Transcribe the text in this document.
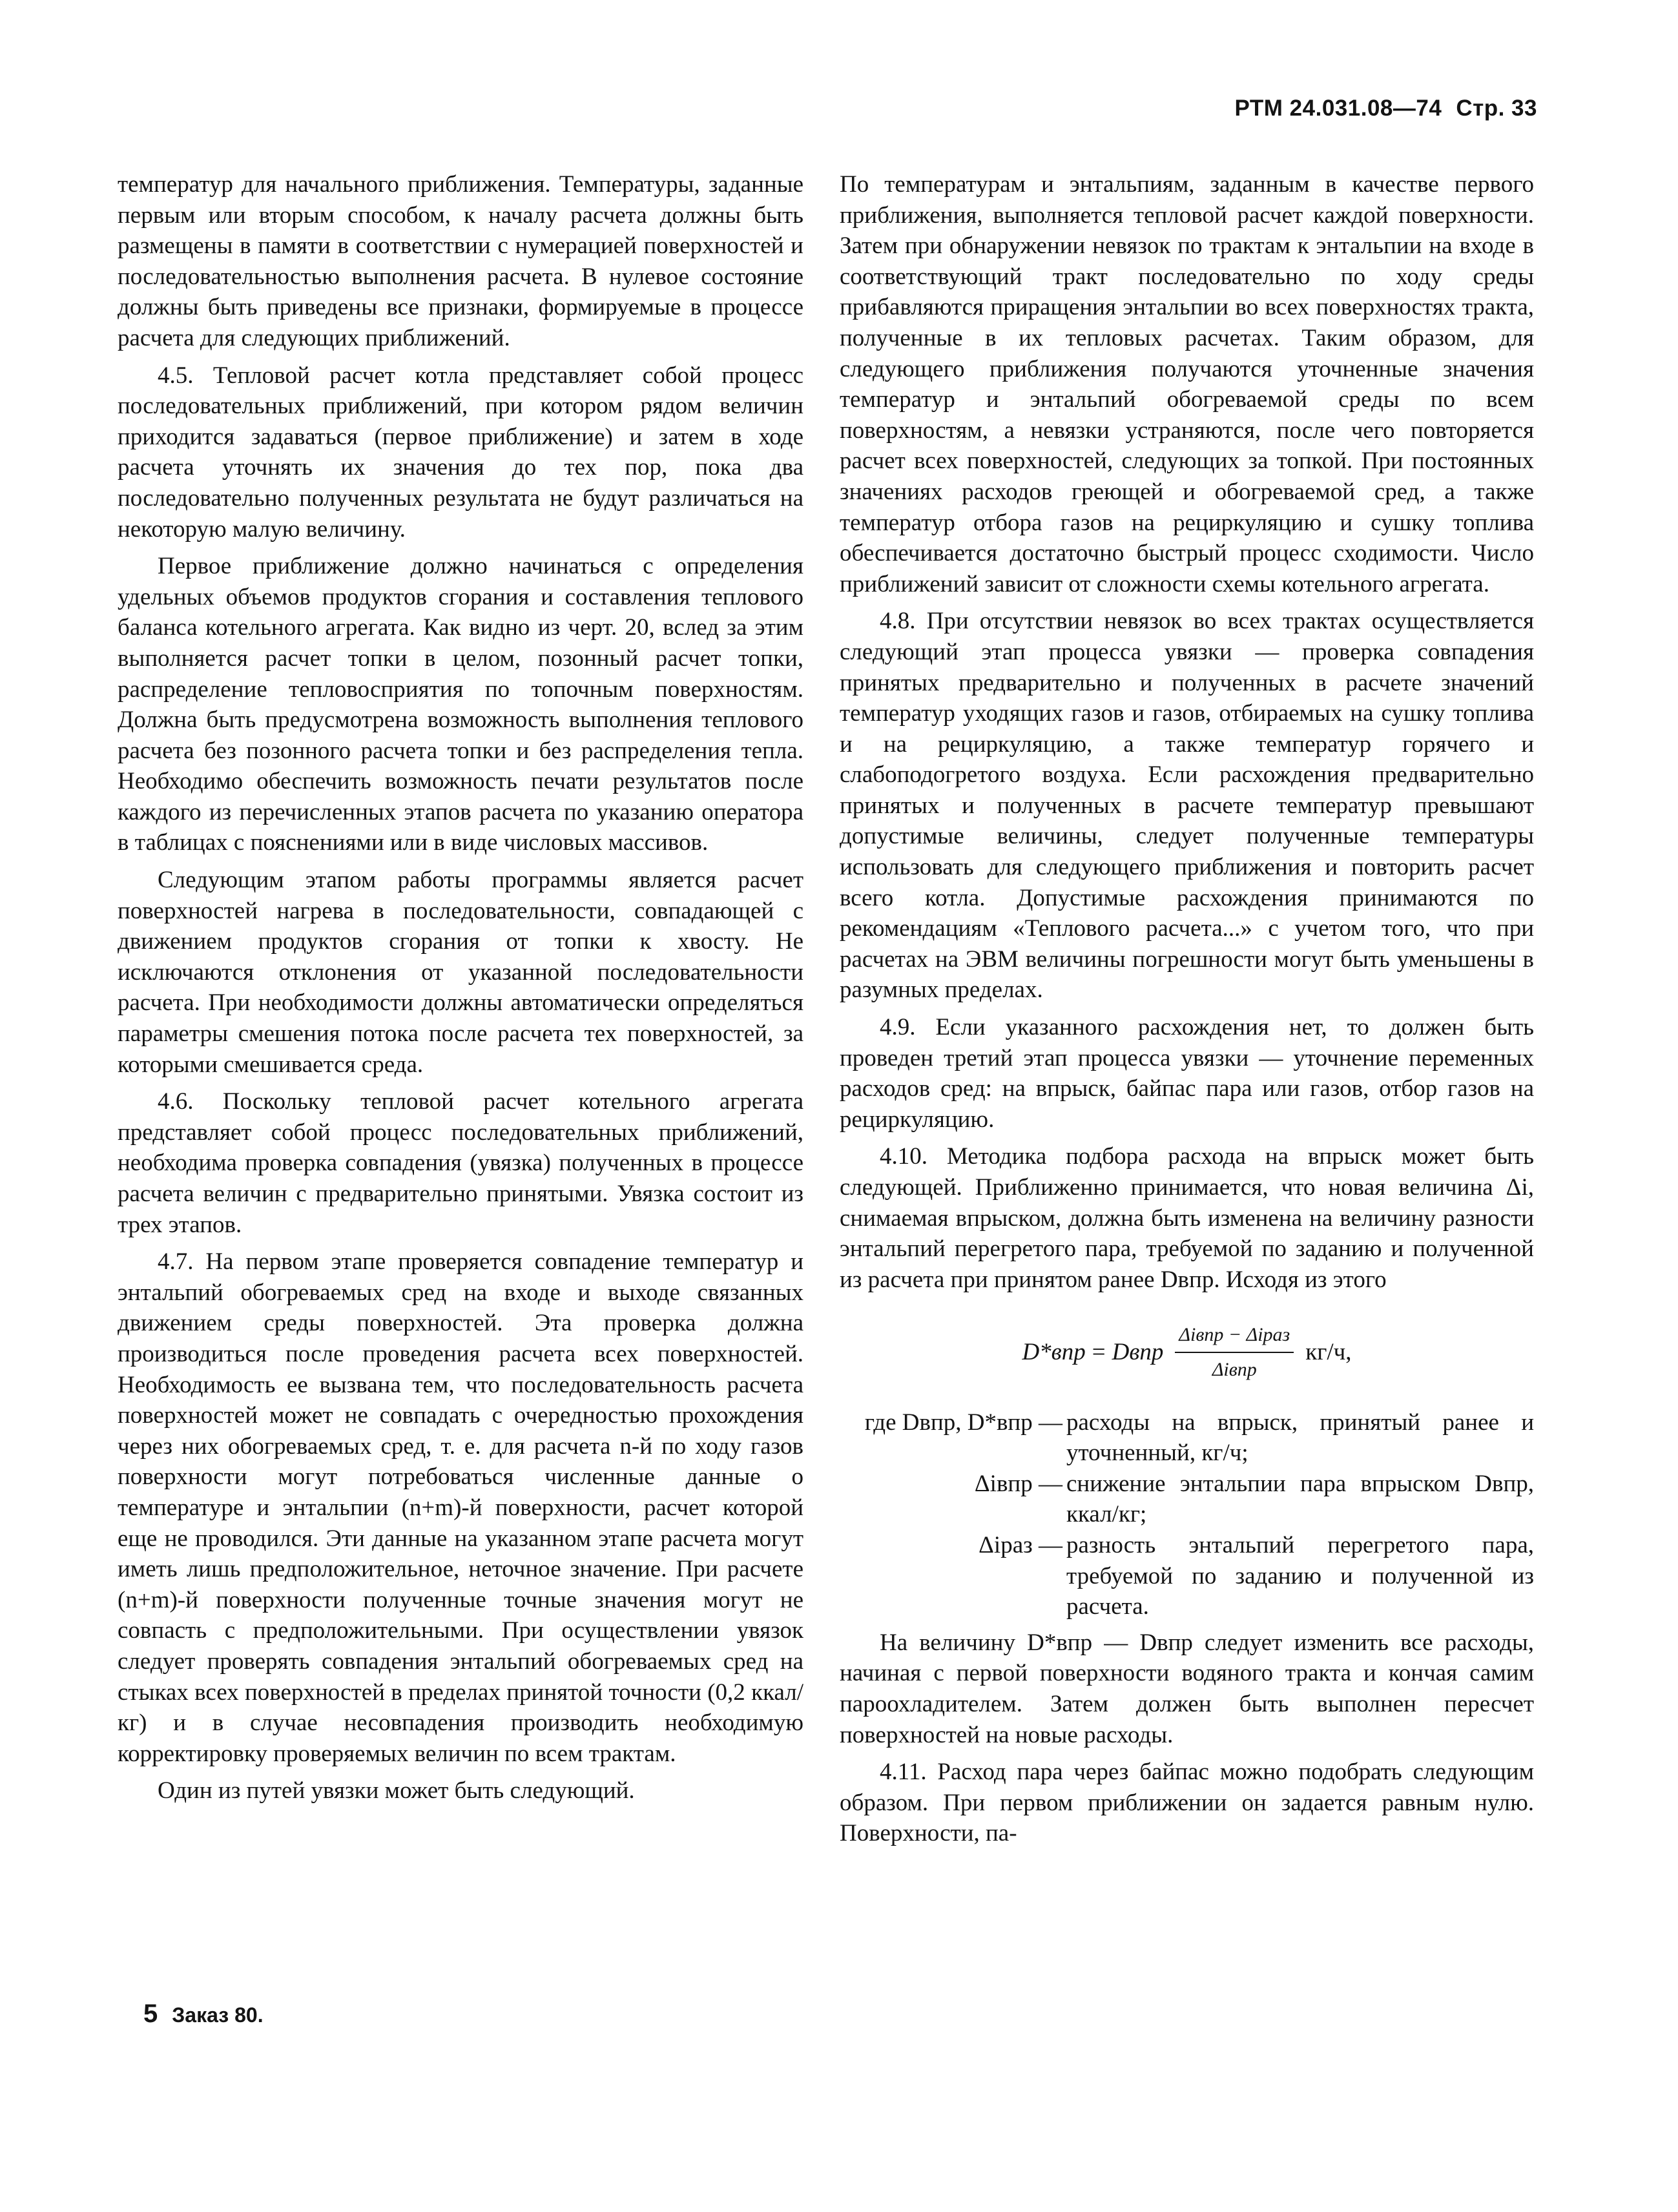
РТМ 24.031.08—74 Стр. 33

температур для начального приближения. Температуры, заданные первым или вторым способом, к началу расчета должны быть размещены в памяти в соответствии с нумерацией поверхностей и последовательностью выполнения расчета. В нулевое состояние должны быть приведены все признаки, формируемые в процессе расчета для следующих приближений.

4.5. Тепловой расчет котла представляет собой процесс последовательных приближений, при котором рядом величин приходится задаваться (первое приближение) и затем в ходе расчета уточнять их значения до тех пор, пока два последовательно полученных результата не будут различаться на некоторую малую величину.

Первое приближение должно начинаться с определения удельных объемов продуктов сгорания и составления теплового баланса котельного агрегата. Как видно из черт. 20, вслед за этим выполняется расчет топки в целом, позонный расчет топки, распределение тепловосприятия по топочным поверхностям. Должна быть предусмотрена возможность выполнения теплового расчета без позонного расчета топки и без распределения тепла. Необходимо обеспечить возможность печати результатов после каждого из перечисленных этапов расчета по указанию оператора в таблицах с пояснениями или в виде числовых массивов.

Следующим этапом работы программы является расчет поверхностей нагрева в последовательности, совпадающей с движением продуктов сгорания от топки к хвосту. Не исключаются отклонения от указанной последовательности расчета. При необходимости должны автоматически определяться параметры смешения потока после расчета тех поверхностей, за которыми смешивается среда.

4.6. Поскольку тепловой расчет котельного агрегата представляет собой процесс последовательных приближений, необходима проверка совпадения (увязка) полученных в процессе расчета величин с предварительно принятыми. Увязка состоит из трех этапов.

4.7. На первом этапе проверяется совпадение температур и энтальпий обогреваемых сред на входе и выходе связанных движением среды поверхностей. Эта проверка должна производиться после проведения расчета всех поверхностей. Необходимость ее вызвана тем, что последовательность расчета поверхностей может не совпадать с очередностью прохождения через них обогреваемых сред, т. е. для расчета n-й по ходу газов поверхности могут потребоваться численные данные о температуре и энтальпии (n+m)-й поверхности, расчет которой еще не проводился. Эти данные на указанном этапе расчета могут иметь лишь предположительное, неточное значение. При расчете (n+m)-й поверхности полученные точные значения могут не совпасть с предположительными. При осуществлении увязок следует проверять совпадения энтальпий обогреваемых сред на стыках всех поверхностей в пределах принятой точности (0,2 ккал/кг) и в случае несовпадения производить необходимую корректировку проверяемых величин по всем трактам.

Один из путей увязки может быть следующий.

По температурам и энтальпиям, заданным в качестве первого приближения, выполняется тепловой расчет каждой поверхности. Затем при обнаружении невязок по трактам к энтальпии на входе в соответствующий тракт последовательно по ходу среды прибавляются приращения энтальпии во всех поверхностях тракта, полученные в их тепловых расчетах. Таким образом, для следующего приближения получаются уточненные значения температур и энтальпий обогреваемой среды по всем поверхностям, а невязки устраняются, после чего повторяется расчет всех поверхностей, следующих за топкой. При постоянных значениях расходов греющей и обогреваемой сред, а также температур отбора газов на рециркуляцию и сушку топлива обеспечивается достаточно быстрый процесс сходимости. Число приближений зависит от сложности схемы котельного агрегата.

4.8. При отсутствии невязок во всех трактах осуществляется следующий этап процесса увязки — проверка совпадения принятых предварительно и полученных в расчете значений температур уходящих газов и газов, отбираемых на сушку топлива и на рециркуляцию, а также температур горячего и слабоподогретого воздуха. Если расхождения предварительно принятых и полученных в расчете температур превышают допустимые величины, следует полученные температуры использовать для следующего приближения и повторить расчет всего котла. Допустимые расхождения принимаются по рекомендациям «Теплового расчета...» с учетом того, что при расчетах на ЭВМ величины погрешности могут быть уменьшены в разумных пределах.

4.9. Если указанного расхождения нет, то должен быть проведен третий этап процесса увязки — уточнение переменных расходов сред: на впрыск, байпас пара или газов, отбор газов на рециркуляцию.

4.10. Методика подбора расхода на впрыск может быть следующей. Приближенно принимается, что новая величина Δi, снимаемая впрыском, должна быть изменена на величину разности энтальпий перегретого пара, требуемой по заданию и полученной из расчета при принятом ранее Dвпр. Исходя из этого

D*впр = Dвпр $\frac{\text{Δiвпр − Δiраз}}{\text{Δiвпр}} кг/ч$,
где Dвпр, D*впр — расходы на впрыск, принятый ранее и уточненный, кг/ч;
Δiвпр — снижение энтальпии пара впрыском Dвпр, ккал/кг;
Δiраз — разность энтальпий перегретого пара, требуемой по заданию и полученной из расчета.

На величину D*впр — Dвпр следует изменить все расходы, начиная с первой поверхности водяного тракта и кончая самим пароохладителем. Затем должен быть выполнен пересчет поверхностей на новые расходы.

4.11. Расход пара через байпас можно подобрать следующим образом. При первом приближении он задается равным нулю. Поверхности, па-

5 Заказ 80.
